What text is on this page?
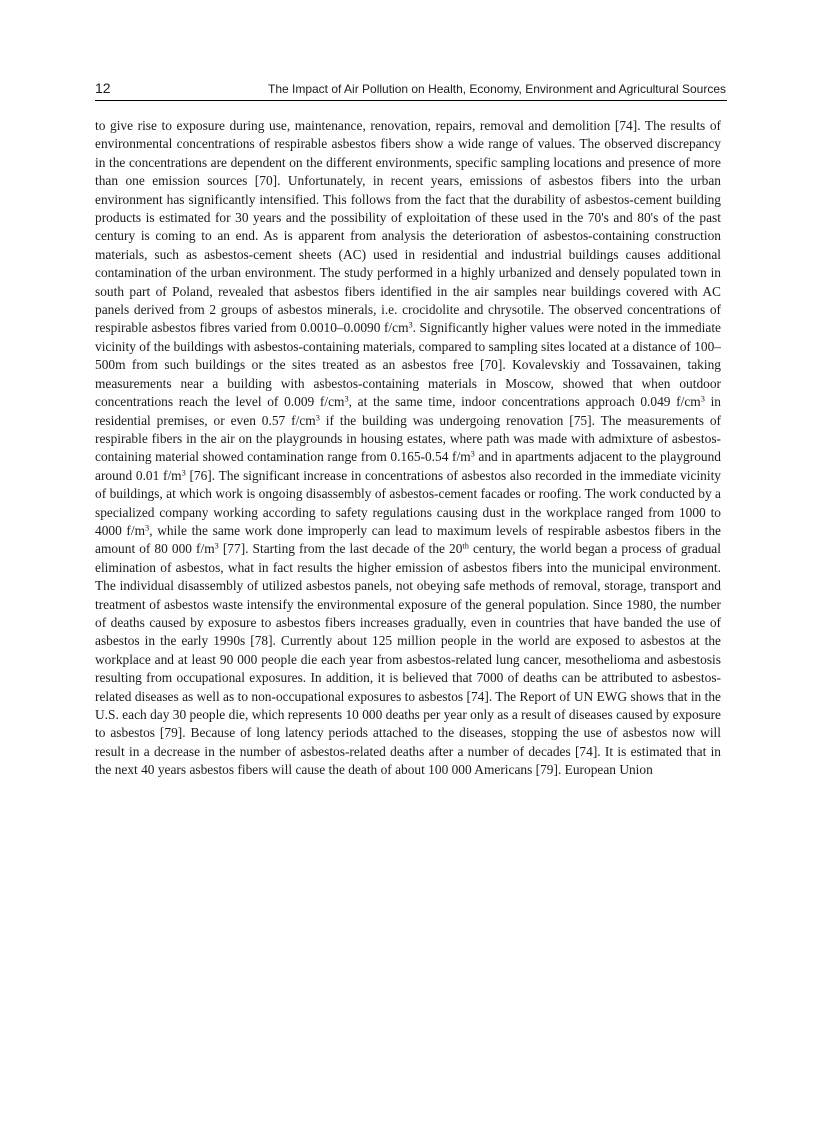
12	The Impact of Air Pollution on Health, Economy, Environment and Agricultural Sources

to give rise to exposure during use, maintenance, renovation, repairs, removal and demolition [74]. The results of environmental concentrations of respirable asbestos fibers show a wide range of values. The observed discrepancy in the concentrations are dependent on the different environments, specific sampling locations and presence of more than one emission sources [70]. Unfortunately, in recent years, emissions of asbestos fibers into the urban environment has significantly intensified. This follows from the fact that the durability of asbestos-cement building products is estimated for 30 years and the possibility of exploitation of these used in the 70's and 80's of the past century is coming to an end. As is apparent from analysis the deterioration of asbestos-containing construction materials, such as asbestos-cement sheets (AC) used in residential and industrial buildings causes additional contamination of the urban environment. The study performed in a highly urbanized and densely populated town in south part of Poland, revealed that asbestos fibers identified in the air samples near buildings covered with AC panels derived from 2 groups of asbestos minerals, i.e. crocidolite and chrysotile. The observed concentrations of respirable asbestos fibres varied from 0.0010–0.0090 $f/cm^3$. Significantly higher values were noted in the immediate vicinity of the buildings with asbestos-containing materials, compared to sampling sites located at a distance of 100–500m from such buildings or the sites treated as an asbestos free [70]. Kovalevskiy and Tossavainen, taking measurements near a building with asbestos-containing materials in Moscow, showed that when outdoor concentrations reach the level of 0.009 $f/cm^3$, at the same time, indoor concentrations approach 0.049 $f/cm^3$ in residential premises, or even 0.57 $f/cm^3$ if the building was undergoing renovation [75]. The measurements of respirable fibers in the air on the playgrounds in housing estates, where path was made with admixture of asbestos-containing material showed contamination range from 0.165-0.54 $f/m^3$ and in apartments adjacent to the playground around 0.01 $f/m^3$ [76]. The significant increase in concentrations of asbestos also recorded in the immediate vicinity of buildings, at which work is ongoing disassembly of asbestos-cement facades or roofing. The work conducted by a specialized company working according to safety regulations causing dust in the workplace ranged from 1000 to 4000 $f/m^3$, while the same work done improperly can lead to maximum levels of respirable asbestos fibers in the amount of 80 000 $f/m^3$ [77]. Starting from the last decade of the 20th century, the world began a process of gradual elimination of asbestos, what in fact results the higher emission of asbestos fibers into the municipal environment. The individual disassembly of utilized asbestos panels, not obeying safe methods of removal, storage, transport and treatment of asbestos waste intensify the environmental exposure of the general population. Since 1980, the number of deaths caused by exposure to asbestos fibers increases gradually, even in countries that have banded the use of asbestos in the early 1990s [78]. Currently about 125 million people in the world are exposed to asbestos at the workplace and at least 90 000 people die each year from asbestos-related lung cancer, mesothelioma and asbestosis resulting from occupational exposures. In addition, it is believed that 7000 of deaths can be attributed to asbestos-related diseases as well as to non-occupational exposures to asbestos [74]. The Report of UN EWG shows that in the U.S. each day 30 people die, which represents 10 000 deaths per year only as a result of diseases caused by exposure to asbestos [79]. Because of long latency periods attached to the diseases, stopping the use of asbestos now will result in a decrease in the number of asbestos-related deaths after a number of decades [74]. It is estimated that in the next 40 years asbestos fibers will cause the death of about 100 000 Americans [79]. European Union
